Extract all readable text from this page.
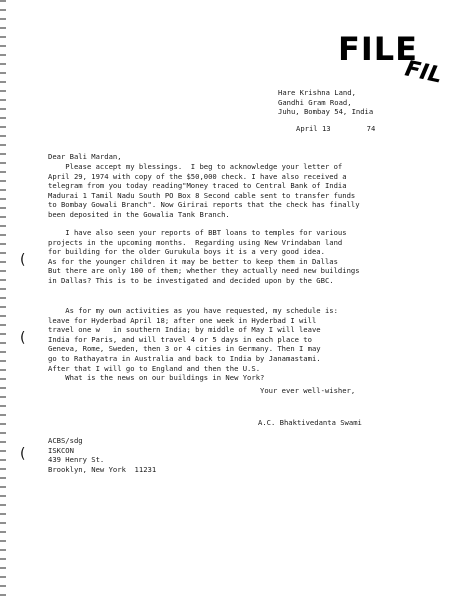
FILE
FIL
Hare Krishna Land,
Gandhi Gram Road,
Juhu, Bombay 54, India
April 13	74
Dear Bali Mardan,
Please accept my blessings.  I beg to acknowledge your letter of
April 29, 1974 with copy of the $50,000 check. I have also received a
telegram from you today reading"Money traced to Central Bank of India
Madurai 1 Tamil Nadu South PO Box 8 Second cable sent to transfer funds
to Bombay Gowali Branch". Now Girirai reports that the check has finally
been deposited in the Gowalia Tank Branch.
I have also seen your reports of BBT loans to temples for various
projects in the upcoming months.  Regarding using New Vrindaban land
for building for the older Gurukula boys it is a very good idea.
As for the younger children it may be better to keep them in Dallas
But there are only 100 of them; whether they actually need new buildings
in Dallas? This is to be investigated and decided upon by the GBC.
As for my own activities as you have requested, my schedule is:
leave for Hyderbad April 18; after one week in Hyderbad I will
travel one w   in southern India; by middle of May I will leave
India for Paris, and will travel 4 or 5 days in each place to
Geneva, Rome, Sweden, then 3 or 4 cities in Germany. Then I may
go to Rathayatra in Australia and back to India by Janamastami.
After that I will go to England and then the U.S.
What is the news on our buildings in New York?
Your ever well-wisher,
A.C. Bhaktivedanta Swami
ACBS/sdg
ISKCON
439 Henry St.
Brooklyn, New York  11231
(
(
(
